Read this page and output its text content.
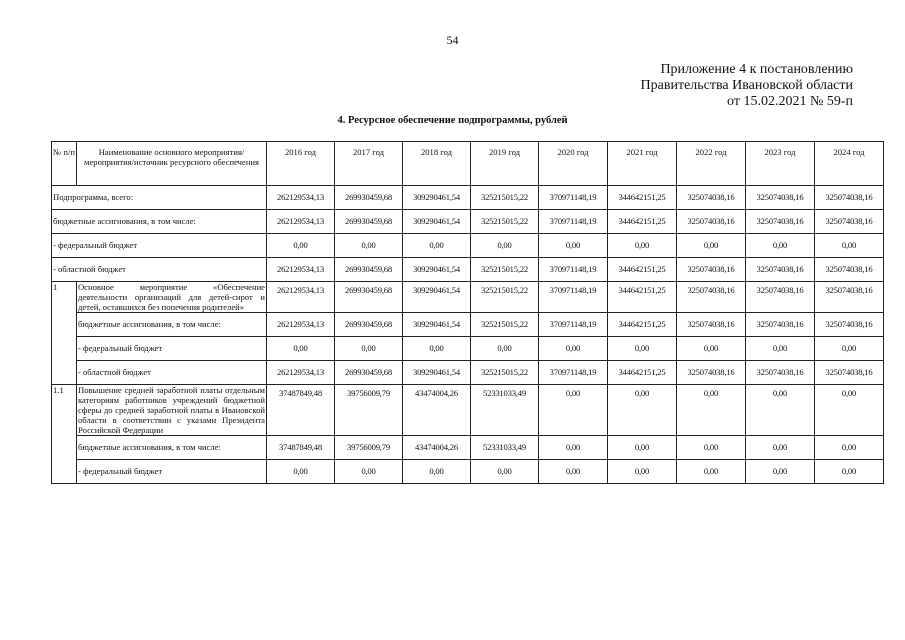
54
Приложение 4 к постановлению
Правительства Ивановской области
от 15.02.2021 № 59-п
4. Ресурсное обеспечение подпрограммы, рублей
№ п/п	Наименование основного мероприятия/мероприятия/источник ресурсного обеспечения	2016 год	2017 год	2018 год	2019 год	2020 год	2021 год	2022 год	2023 год	2024 год
Подпрограмма, всего:		262129534,13	269930459,68	309290461,54	325215015,22	370971148,19	344642151,25	325074038,16	325074038,16	325074038,16
бюджетные ассигнования, в том числе:		262129534,13	269930459,68	309290461,54	325215015,22	370971148,19	344642151,25	325074038,16	325074038,16	325074038,16
- федеральный бюджет		0,00	0,00	0,00	0,00	0,00	0,00	0,00	0,00	0,00
- областной бюджет		262129534,13	269930459,68	309290461,54	325215015,22	370971148,19	344642151,25	325074038,16	325074038,16	325074038,16
1	Основное мероприятие «Обеспечение деятельности организаций для детей-сирот и детей, оставшихся без попечения родителей»	262129534,13	269930459,68	309290461,54	325215015,22	370971148,19	344642151,25	325074038,16	325074038,16	325074038,16
	бюджетные ассигнования, в том числе:	262129534,13	269930459,68	309290461,54	325215015,22	370971148,19	344642151,25	325074038,16	325074038,16	325074038,16
	- федеральный бюджет	0,00	0,00	0,00	0,00	0,00	0,00	0,00	0,00	0,00
	- областной бюджет	262129534,13	269930459,68	309290461,54	325215015,22	370971148,19	344642151,25	325074038,16	325074038,16	325074038,16
1.1	Повышение средней заработной платы отдельным категориям работников учреждений бюджетной сферы до средней заработной платы в Ивановской области в соответствии с указами Президента Российской Федерации	37487849,48	39756009,79	43474004,26	52331033,49	0,00	0,00	0,00	0,00	0,00
	бюджетные ассигнования, в том числе:	37487849,48	39756009,79	43474004,26	52331033,49	0,00	0,00	0,00	0,00	0,00
	- федеральный бюджет	0,00	0,00	0,00	0,00	0,00	0,00	0,00	0,00	0,00
